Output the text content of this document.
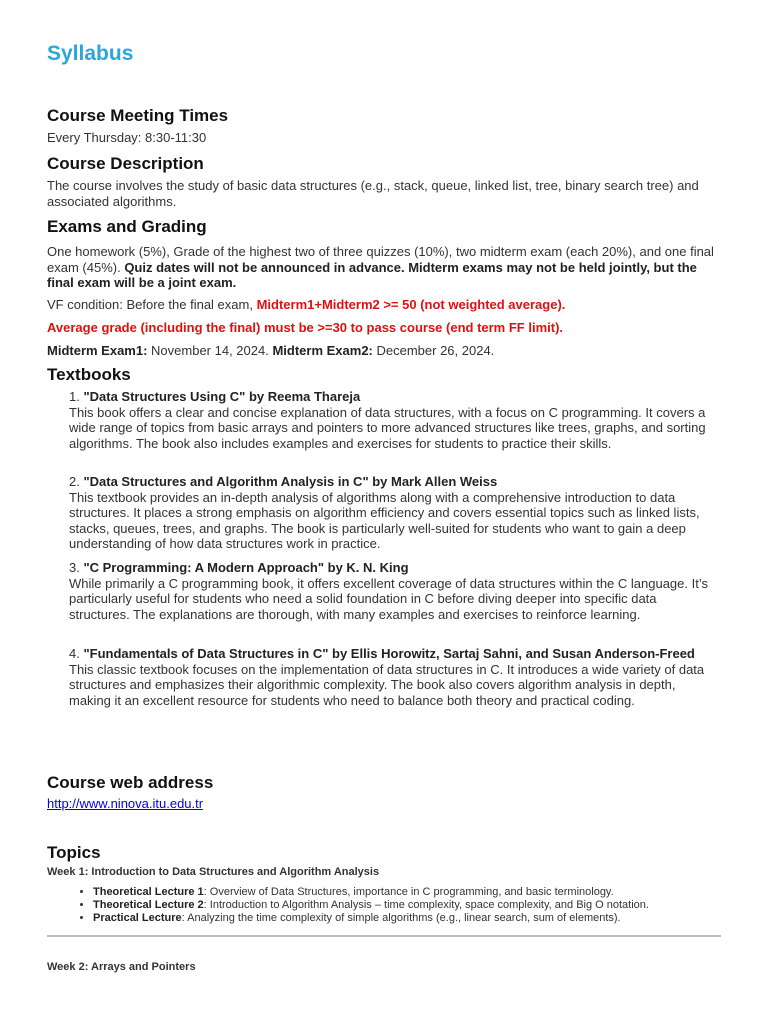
Syllabus
Course Meeting Times

Every Thursday: 8:30-11:30

Course Description

The course involves the study of basic data structures (e.g., stack, queue, linked list, tree, binary search tree) and associated algorithms.

Exams and Grading

One homework (5%), Grade of the highest two of three quizzes (10%), two midterm exam (each 20%), and one final exam (45%). Quiz dates will not be announced in advance. Midterm exams may not be held jointly, but the final exam will be a joint exam.

VF condition: Before the final exam, Midterm1+Midterm2 >= 50 (not weighted average).

Average grade (including the final) must be >=30 to pass course (end term FF limit).

Midterm Exam1: November 14, 2024. Midterm Exam2: December 26, 2024.

Textbooks
1. "Data Structures Using C" by Reema Thareja
This book offers a clear and concise explanation of data structures, with a focus on C programming. It covers a wide range of topics from basic arrays and pointers to more advanced structures like trees, graphs, and sorting algorithms. The book also includes examples and exercises for students to practice their skills.
2. "Data Structures and Algorithm Analysis in C" by Mark Allen Weiss
This textbook provides an in-depth analysis of algorithms along with a comprehensive introduction to data structures. It places a strong emphasis on algorithm efficiency and covers essential topics such as linked lists, stacks, queues, trees, and graphs. The book is particularly well-suited for students who want to gain a deep understanding of how data structures work in practice.
3. "C Programming: A Modern Approach" by K. N. King
While primarily a C programming book, it offers excellent coverage of data structures within the C language. It’s particularly useful for students who need a solid foundation in C before diving deeper into specific data structures. The explanations are thorough, with many examples and exercises to reinforce learning.
4. "Fundamentals of Data Structures in C" by Ellis Horowitz, Sartaj Sahni, and Susan Anderson-Freed
This classic textbook focuses on the implementation of data structures in C. It introduces a wide variety of data structures and emphasizes their algorithmic complexity. The book also covers algorithm analysis in depth, making it an excellent resource for students who need to balance both theory and practical coding.
Course web address
http://www.ninova.itu.edu.tr
Topics

Week 1: Introduction to Data Structures and Algorithm Analysis

• Theoretical Lecture 1: Overview of Data Structures, importance in C programming, and basic terminology.
• Theoretical Lecture 2: Introduction to Algorithm Analysis – time complexity, space complexity, and Big O notation.
• Practical Lecture: Analyzing the time complexity of simple algorithms (e.g., linear search, sum of elements).

Week 2: Arrays and Pointers
